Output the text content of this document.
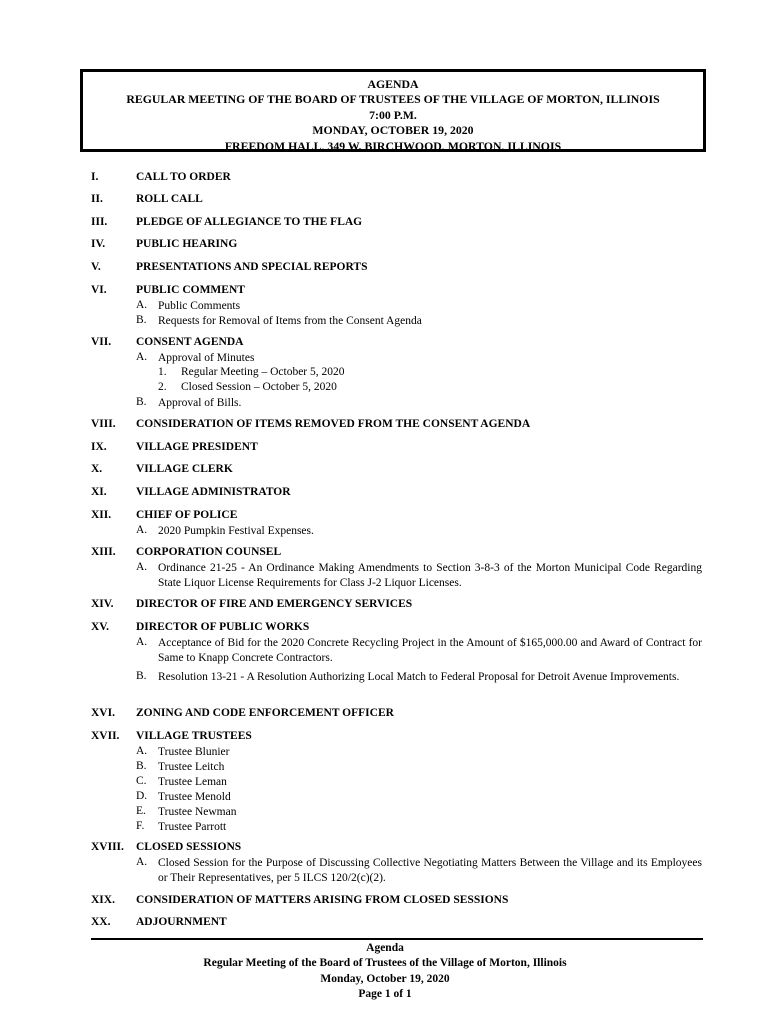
AGENDA
REGULAR MEETING OF THE BOARD OF TRUSTEES OF THE VILLAGE OF MORTON, ILLINOIS
7:00 P.M.
MONDAY, OCTOBER 19, 2020
FREEDOM HALL, 349 W. BIRCHWOOD, MORTON, ILLINOIS
I.	CALL TO ORDER
II.	ROLL CALL
III. PLEDGE OF ALLEGIANCE TO THE FLAG
IV.	PUBLIC HEARING
V.	PRESENTATIONS AND SPECIAL REPORTS
VI.	PUBLIC COMMENT
A. Public Comments
B. Requests for Removal of Items from the Consent Agenda
VII. CONSENT AGENDA
A. Approval of Minutes
1. Regular Meeting – October 5, 2020
2. Closed Session – October 5, 2020
B. Approval of Bills.
VIII. CONSIDERATION OF ITEMS REMOVED FROM THE CONSENT AGENDA
IX.	VILLAGE PRESIDENT
X.	VILLAGE CLERK
XI.	VILLAGE ADMINISTRATOR
XII. CHIEF OF POLICE
A. 2020 Pumpkin Festival Expenses.
XIII. CORPORATION COUNSEL
A. Ordinance 21-25 - An Ordinance Making Amendments to Section 3-8-3 of the Morton Municipal Code Regarding State Liquor License Requirements for Class J-2 Liquor Licenses.
XIV. DIRECTOR OF FIRE AND EMERGENCY SERVICES
XV. DIRECTOR OF PUBLIC WORKS
A. Acceptance of Bid for the 2020 Concrete Recycling Project in the Amount of $165,000.00 and Award of Contract for Same to Knapp Concrete Contractors.
B. Resolution 13-21 - A Resolution Authorizing Local Match to Federal Proposal for Detroit Avenue Improvements.
XVI. ZONING AND CODE ENFORCEMENT OFFICER
XVII. VILLAGE TRUSTEES
A. Trustee Blunier
B. Trustee Leitch
C. Trustee Leman
D. Trustee Menold
E. Trustee Newman
F. Trustee Parrott
XVIII. CLOSED SESSIONS
A. Closed Session for the Purpose of Discussing Collective Negotiating Matters Between the Village and its Employees or Their Representatives, per 5 ILCS 120/2(c)(2).
XIX. CONSIDERATION OF MATTERS ARISING FROM CLOSED SESSIONS
XX. ADJOURNMENT
Agenda
Regular Meeting of the Board of Trustees of the Village of Morton, Illinois
Monday, October 19, 2020
Page 1 of 1
